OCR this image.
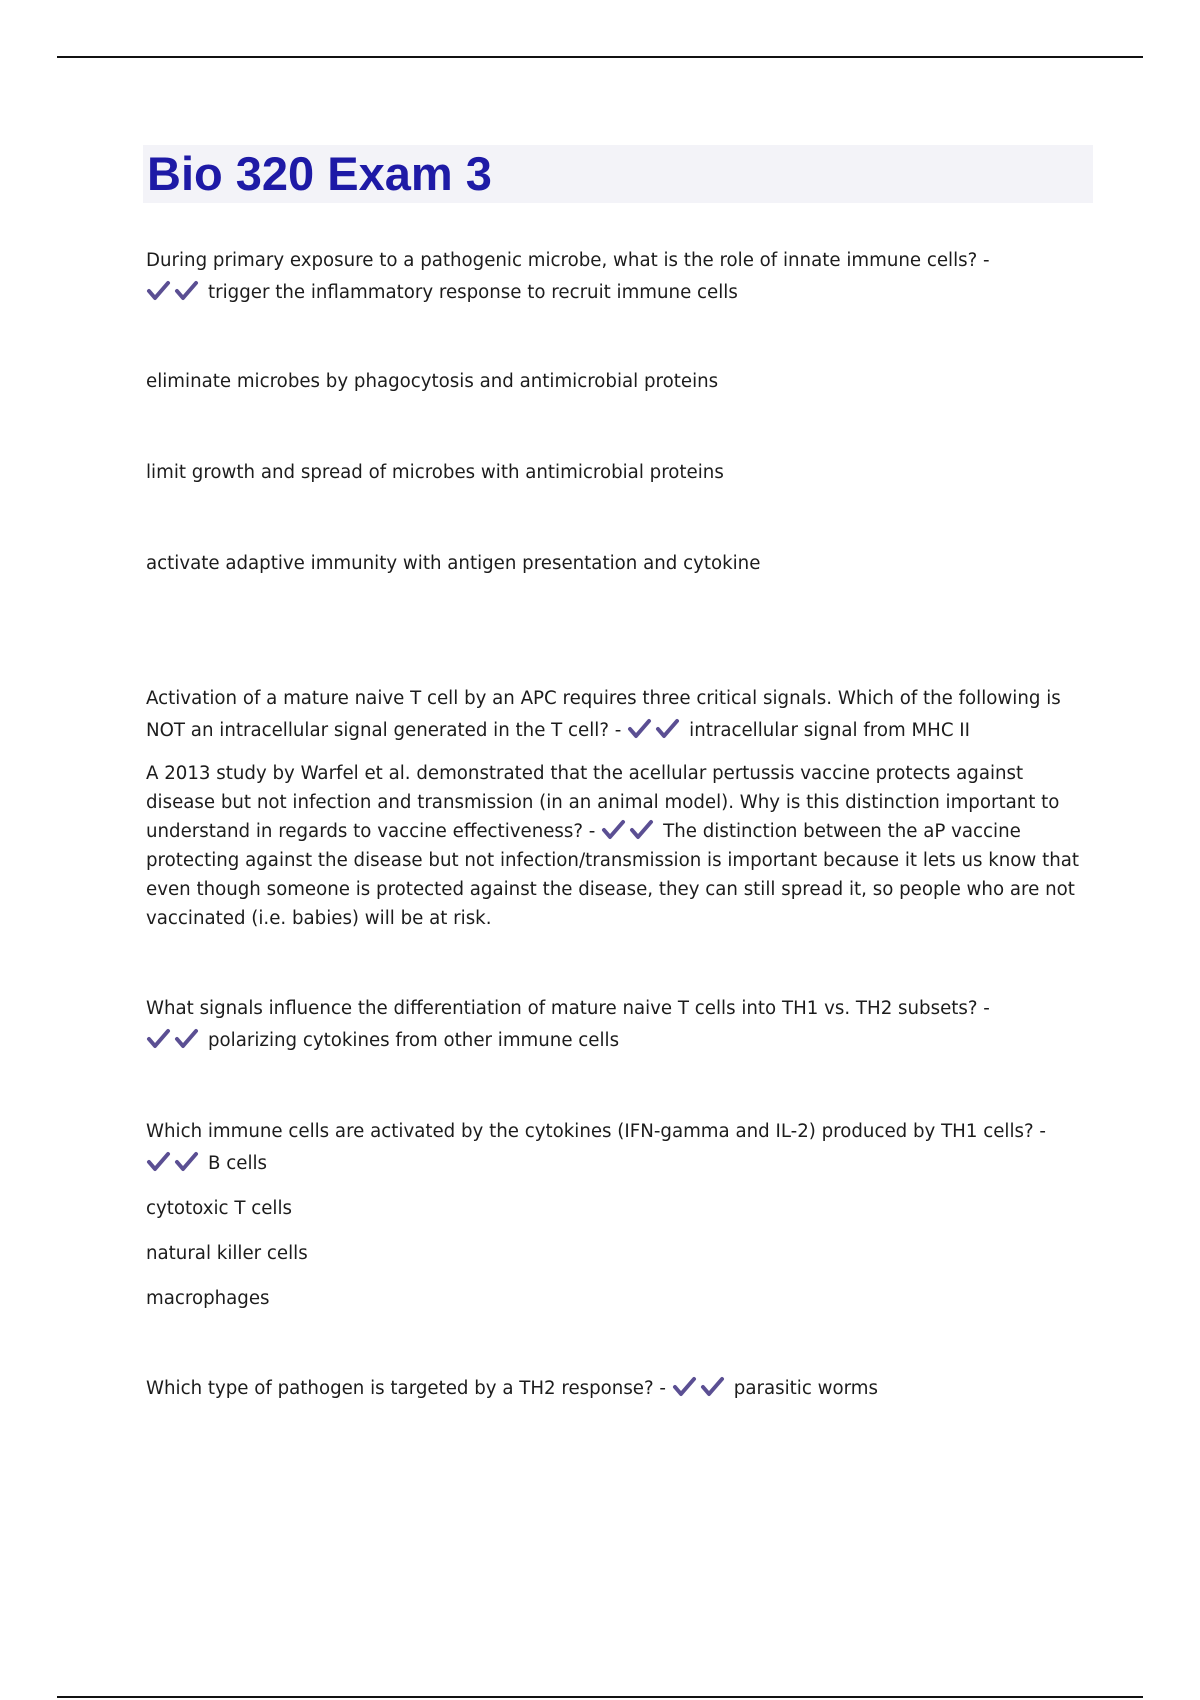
Bio 320 Exam 3

During primary exposure to a pathogenic microbe, what is the role of innate immune cells? -

trigger the inflammatory response to recruit immune cells

eliminate microbes by phagocytosis and antimicrobial proteins

limit growth and spread of microbes with antimicrobial proteins

activate adaptive immunity with antigen presentation and cytokine

Activation of a mature naive T cell by an APC requires three critical signals. Which of the following is NOT an intracellular signal generated in the T cell? -	intracellular signal from MHC II

A 2013 study by Warfel et al. demonstrated that the acellular pertussis vaccine protects against disease but not infection and transmission (in an animal model). Why is this distinction important to understand in regards to vaccine effectiveness? -	The distinction between the aP vaccine protecting against the disease but not infection/transmission is important because it lets us know that even though someone is protected against the disease, they can still spread it, so people who are not vaccinated (i.e. babies) will be at risk.

What signals influence the differentiation of mature naive T cells into TH1 vs. TH2 subsets? -

polarizing cytokines from other immune cells

Which immune cells are activated by the cytokines (IFN-gamma and IL-2) produced by TH1 cells? -

B cells

cytotoxic T cells

natural killer cells

macrophages

Which type of pathogen is targeted by a TH2 response? -	parasitic worms
